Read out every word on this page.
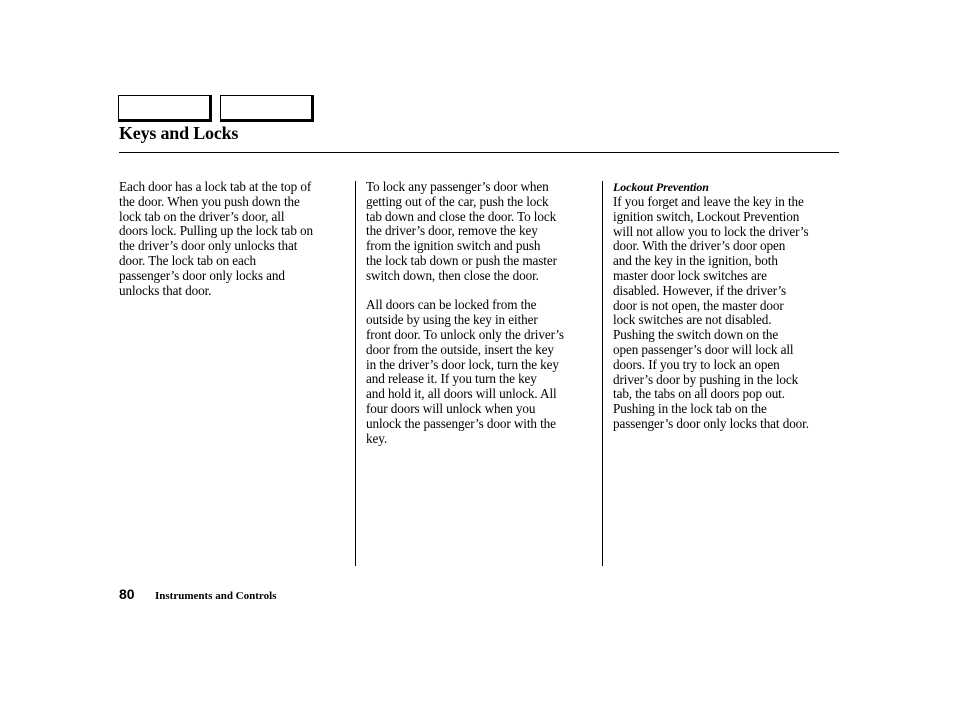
Keys and Locks

Each door has a lock tab at the top of
the door. When you push down the
lock tab on the driver’s door, all
doors lock. Pulling up the lock tab on
the driver’s door only unlocks that
door. The lock tab on each
passenger’s door only locks and
unlocks that door.

To lock any passenger’s door when
getting out of the car, push the lock
tab down and close the door. To lock
the driver’s door, remove the key
from the ignition switch and push
the lock tab down or push the master
switch down, then close the door.

All doors can be locked from the
outside by using the key in either
front door. To unlock only the driver’s
door from the outside, insert the key
in the driver’s door lock, turn the key
and release it. If you turn the key
and hold it, all doors will unlock. All
four doors will unlock when you
unlock the passenger’s door with the
key.

Lockout Prevention

If you forget and leave the key in the
ignition switch, Lockout Prevention
will not allow you to lock the driver’s
door. With the driver’s door open
and the key in the ignition, both
master door lock switches are
disabled. However, if the driver’s
door is not open, the master door
lock switches are not disabled.
Pushing the switch down on the
open passenger’s door will lock all
doors. If you try to lock an open
driver’s door by pushing in the lock
tab, the tabs on all doors pop out.
Pushing in the lock tab on the
passenger’s door only locks that door.

80 Instruments and Controls
